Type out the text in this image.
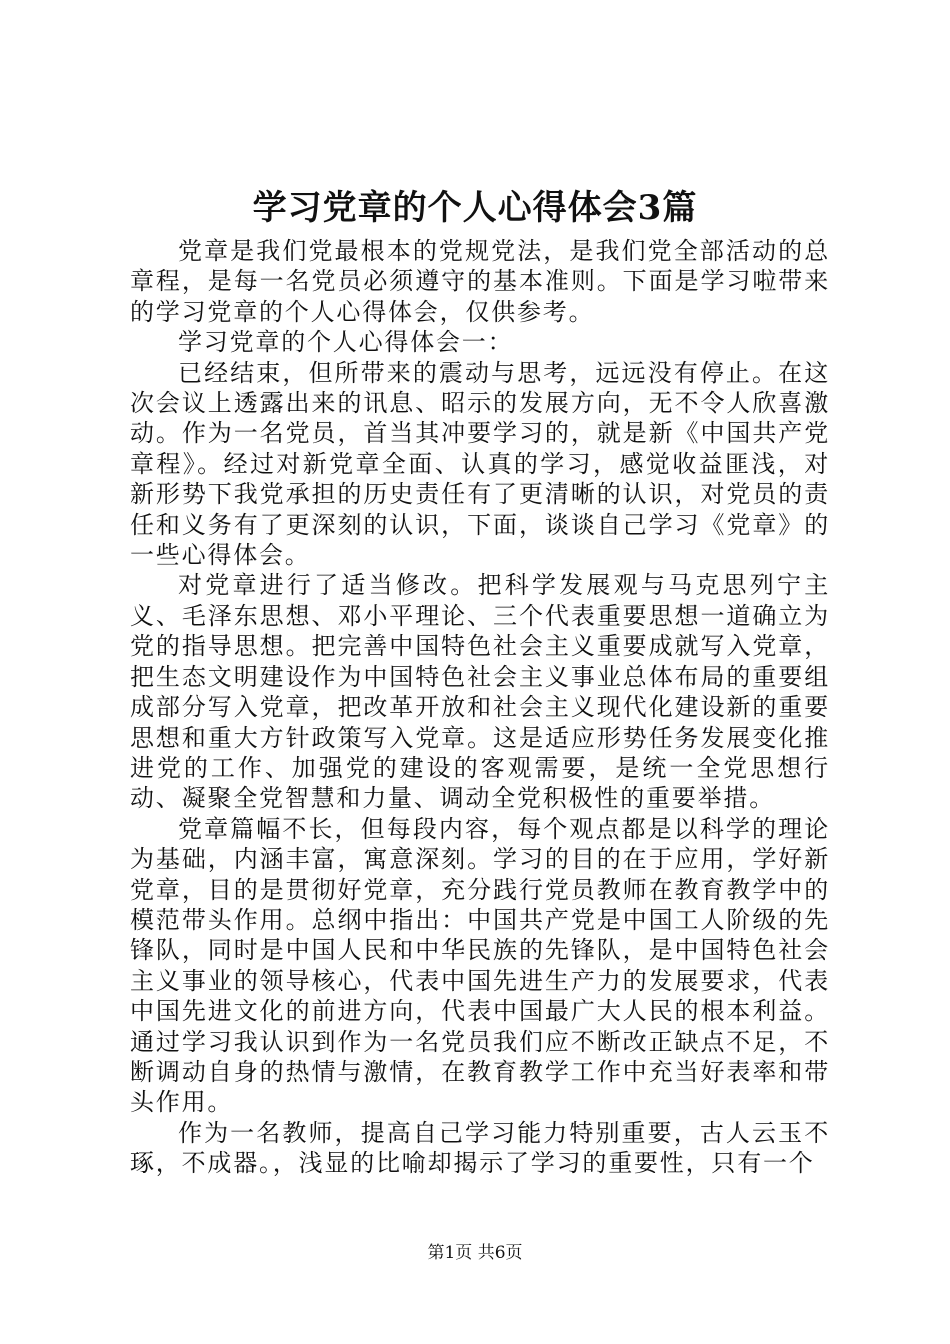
学习党章的个人心得体会3篇

党章是我们党最根本的党规党法，是我们党全部活动的总章程，是每一名党员必须遵守的基本准则。下面是学习啦带来的学习党章的个人心得体会，仅供参考。

学习党章的个人心得体会一：

已经结束，但所带来的震动与思考，远远没有停止。在这次会议上透露出来的讯息、昭示的发展方向，无不令人欣喜激动。作为一名党员，首当其冲要学习的，就是新《中国共产党章程》。经过对新党章全面、认真的学习，感觉收益匪浅，对新形势下我党承担的历史责任有了更清晰的认识，对党员的责任和义务有了更深刻的认识，下面，谈谈自己学习《党章》的一些心得体会。

对党章进行了适当修改。把科学发展观与马克思列宁主义、毛泽东思想、邓小平理论、三个代表重要思想一道确立为党的指导思想。把完善中国特色社会主义重要成就写入党章，把生态文明建设作为中国特色社会主义事业总体布局的重要组成部分写入党章，把改革开放和社会主义现代化建设新的重要思想和重大方针政策写入党章。这是适应形势任务发展变化推进党的工作、加强党的建设的客观需要，是统一全党思想行动、凝聚全党智慧和力量、调动全党积极性的重要举措。

党章篇幅不长，但每段内容，每个观点都是以科学的理论为基础，内涵丰富，寓意深刻。学习的目的在于应用，学好新党章，目的是贯彻好党章，充分践行党员教师在教育教学中的模范带头作用。总纲中指出：中国共产党是中国工人阶级的先锋队，同时是中国人民和中华民族的先锋队，是中国特色社会主义事业的领导核心，代表中国先进生产力的发展要求，代表中国先进文化的前进方向，代表中国最广大人民的根本利益。通过学习我认识到作为一名党员我们应不断改正缺点不足，不断调动自身的热情与激情，在教育教学工作中充当好表率和带头作用。

作为一名教师，提高自己学习能力特别重要，古人云玉不琢，不成器。，浅显的比喻却揭示了学习的重要性，只有一个

第1页 共6页
